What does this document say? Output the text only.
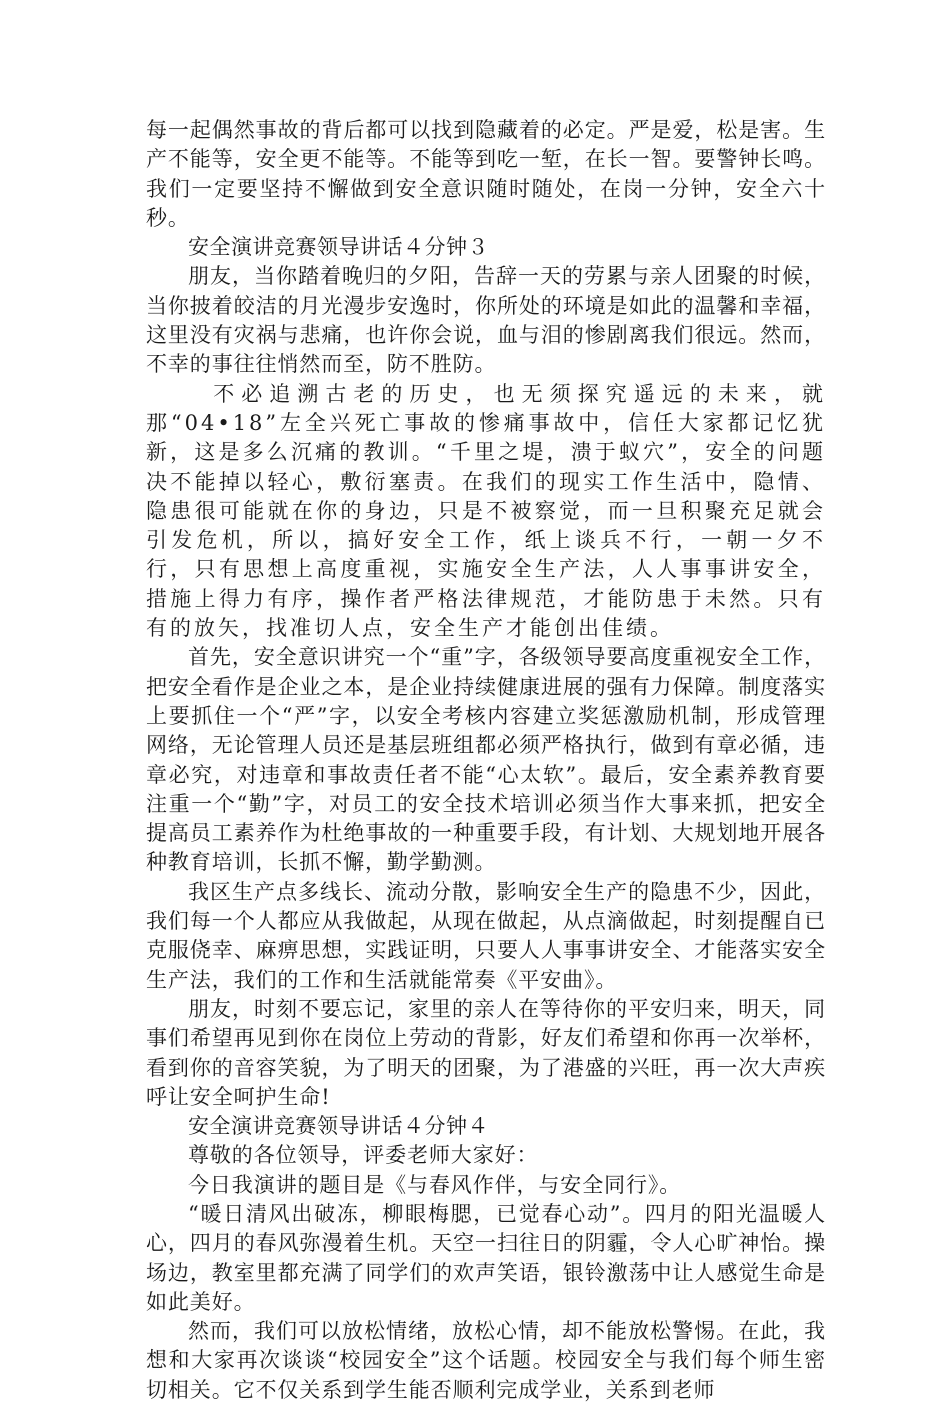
每一起偶然事故的背后都可以找到隐藏着的必定。严是爱，松是害。生产不能等，安全更不能等。不能等到吃一堑，在长一智。要警钟长鸣。我们一定要坚持不懈做到安全意识随时随处，在岗一分钟，安全六十秒。

安全演讲竞赛领导讲话４分钟３

朋友，当你踏着晚归的夕阳，告辞一天的劳累与亲人团聚的时候，当你披着皎洁的月光漫步安逸时，你所处的环境是如此的温馨和幸福，这里没有灾祸与悲痛，也许你会说，血与泪的惨剧离我们很远。然而，不幸的事往往悄然而至，防不胜防。

不必追溯古老的历史，也无须探究遥远的未来，就那“04•18”左全兴死亡事故的惨痛事故中，信任大家都记忆犹新，这是多么沉痛的教训。“千里之堤，溃于蚁穴”，安全的问题决不能掉以轻心，敷衍塞责。在我们的现实工作生活中，隐情、隐患很可能就在你的身边，只是不被察觉，而一旦积聚充足就会引发危机，所以，搞好安全工作，纸上谈兵不行，一朝一夕不行，只有思想上高度重视，实施安全生产法，人人事事讲安全，措施上得力有序，操作者严格法律规范，才能防患于未然。只有有的放矢，找准切人点，安全生产才能创出佳绩。

首先，安全意识讲究一个“重”字，各级领导要高度重视安全工作，把安全看作是企业之本，是企业持续健康进展的强有力保障。制度落实上要抓住一个“严”字，以安全考核内容建立奖惩激励机制，形成管理网络，无论管理人员还是基层班组都必须严格执行，做到有章必循，违章必究，对违章和事故责任者不能“心太软”。最后，安全素养教育要注重一个“勤”字，对员工的安全技术培训必须当作大事来抓，把安全提高员工素养作为杜绝事故的一种重要手段，有计划、大规划地开展各种教育培训，长抓不懈，勤学勤测。

我区生产点多线长、流动分散，影响安全生产的隐患不少，因此，我们每一个人都应从我做起，从现在做起，从点滴做起，时刻提醒自已克服侥幸、麻痹思想，实践证明，只要人人事事讲安全、才能落实安全生产法，我们的工作和生活就能常奏《平安曲》。

朋友，时刻不要忘记，家里的亲人在等待你的平安归来，明天，同事们希望再见到你在岗位上劳动的背影，好友们希望和你再一次举杯，看到你的音容笑貌，为了明天的团聚，为了港盛的兴旺，再一次大声疾呼让安全呵护生命!

安全演讲竞赛领导讲话４分钟４

尊敬的各位领导，评委老师大家好：

今日我演讲的题目是《与春风作伴，与安全同行》。

“暖日清风出破冻，柳眼梅腮，已觉春心动”。四月的阳光温暖人心，四月的春风弥漫着生机。天空一扫往日的阴霾，令人心旷神怡。操场边，教室里都充满了同学们的欢声笑语，银铃激荡中让人感觉生命是如此美好。

然而，我们可以放松情绪，放松心情，却不能放松警惕。在此，我想和大家再次谈谈“校园安全”这个话题。校园安全与我们每个师生密切相关。它不仅关系到学生能否顺利完成学业，关系到老师
